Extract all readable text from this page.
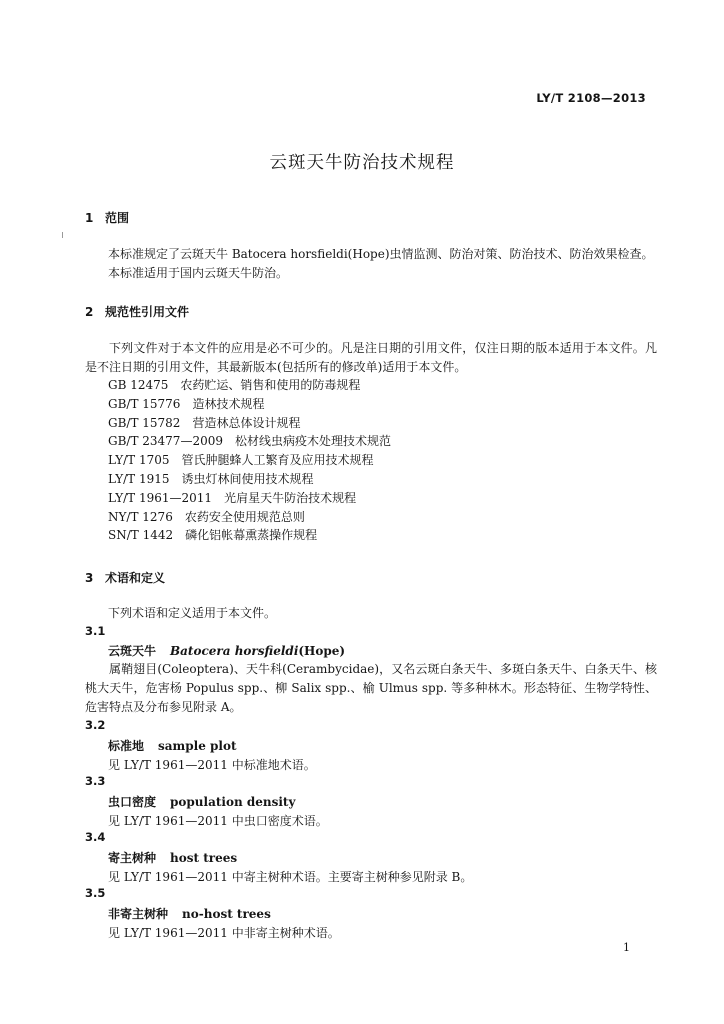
LY/T 2108—2013
云斑天牛防治技术规程
1 范围
本标准规定了云斑天牛 Batocera horsfieldi(Hope)虫情监测、防治对策、防治技术、防治效果检查。
本标准适用于国内云斑天牛防治。
2 规范性引用文件
下列文件对于本文件的应用是必不可少的。凡是注日期的引用文件，仅注日期的版本适用于本文件。凡是不注日期的引用文件，其最新版本(包括所有的修改单)适用于本文件。
GB 12475 农药贮运、销售和使用的防毒规程
GB/T 15776 造林技术规程
GB/T 15782 营造林总体设计规程
GB/T 23477—2009 松材线虫病疫木处理技术规范
LY/T 1705 管氏肿腿蜂人工繁育及应用技术规程
LY/T 1915 诱虫灯林间使用技术规程
LY/T 1961—2011 光肩星天牛防治技术规程
NY/T 1276 农药安全使用规范总则
SN/T 1442 磷化铝帐幕熏蒸操作规程
3 术语和定义
下列术语和定义适用于本文件。
3.1
云斑天牛 Batocera horsfieldi(Hope)
属鞘翅目(Coleoptera)、天牛科(Cerambycidae)，又名云斑白条天牛、多斑白条天牛、白条天牛、核桃大天牛，危害杨 Populus spp.、柳 Salix spp.、榆 Ulmus spp. 等多种林木。形态特征、生物学特性、危害特点及分布参见附录 A。
3.2
标准地 sample plot
见 LY/T 1961—2011 中标准地术语。
3.3
虫口密度 population density
见 LY/T 1961—2011 中虫口密度术语。
3.4
寄主树种 host trees
见 LY/T 1961—2011 中寄主树种术语。主要寄主树种参见附录 B。
3.5
非寄主树种 no-host trees
见 LY/T 1961—2011 中非寄主树种术语。
1
